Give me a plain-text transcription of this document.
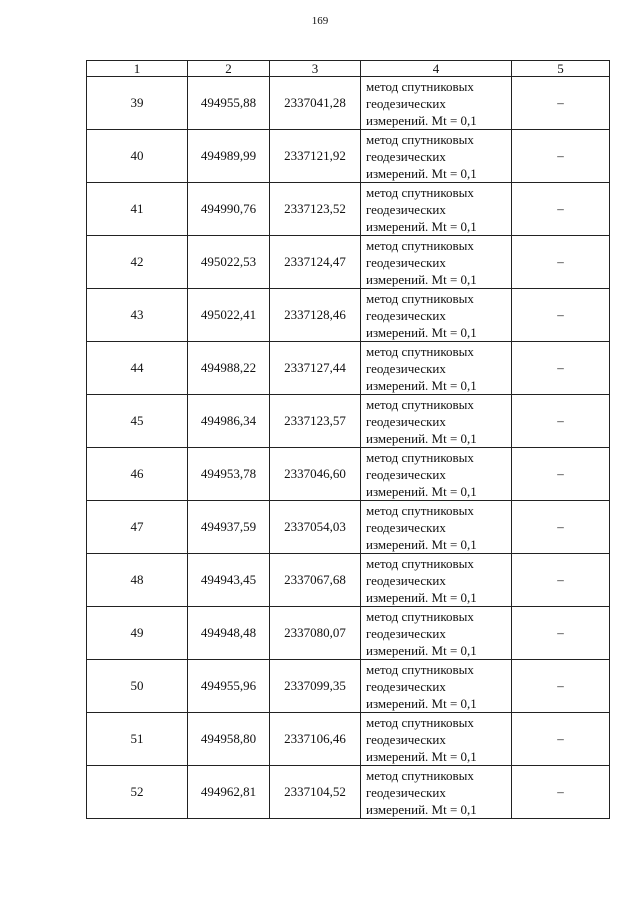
169
1	2	3	4	5
39	494955,88	2337041,28	метод спутниковых
геодезических
измерений. Mt = 0,1	–
40	494989,99	2337121,92	метод спутниковых
геодезических
измерений. Mt = 0,1	–
41	494990,76	2337123,52	метод спутниковых
геодезических
измерений. Mt = 0,1	–
42	495022,53	2337124,47	метод спутниковых
геодезических
измерений. Mt = 0,1	–
43	495022,41	2337128,46	метод спутниковых
геодезических
измерений. Mt = 0,1	–
44	494988,22	2337127,44	метод спутниковых
геодезических
измерений. Mt = 0,1	–
45	494986,34	2337123,57	метод спутниковых
геодезических
измерений. Mt = 0,1	–
46	494953,78	2337046,60	метод спутниковых
геодезических
измерений. Mt = 0,1	–
47	494937,59	2337054,03	метод спутниковых
геодезических
измерений. Mt = 0,1	–
48	494943,45	2337067,68	метод спутниковых
геодезических
измерений. Mt = 0,1	–
49	494948,48	2337080,07	метод спутниковых
геодезических
измерений. Mt = 0,1	–
50	494955,96	2337099,35	метод спутниковых
геодезических
измерений. Mt = 0,1	–
51	494958,80	2337106,46	метод спутниковых
геодезических
измерений. Mt = 0,1	–
52	494962,81	2337104,52	метод спутниковых
геодезических
измерений. Mt = 0,1	–
